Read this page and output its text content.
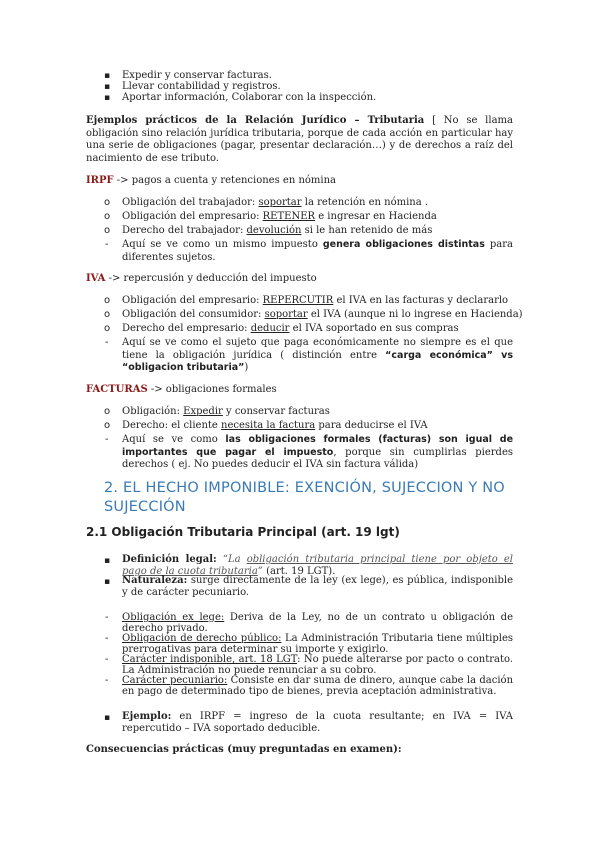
▪ Expedir y conservar facturas.
▪ Llevar contabilidad y registros.
▪ Aportar información, Colaborar con la inspección.
Ejemplos prácticos de la Relación Jurídico – Tributaria [ No se llama obligación sino relación jurídica tributaria, porque de cada acción en particular hay una serie de obligaciones (pagar, presentar declaración…) y de derechos a raíz del nacimiento de ese tributo.
IRPF -> pagos a cuenta y retenciones en nómina
o Obligación del trabajador: soportar la retención en nómina .
o Obligación del empresario: RETENER e ingresar en Hacienda
o Derecho del trabajador: devolución si le han retenido de más
- Aquí se ve como un mismo impuesto genera obligaciones distintas para diferentes sujetos.
IVA -> repercusión y deducción del impuesto
o Obligación del empresario: REPERCUTIR el IVA en las facturas y declararlo
o Obligación del consumidor: soportar el IVA (aunque ni lo ingrese en Hacienda)
o Derecho del empresario: deducir el IVA soportado en sus compras
- Aquí se ve como el sujeto que paga económicamente no siempre es el que tiene la obligación jurídica ( distinción entre “carga económica” vs “obligacion tributaria”)
FACTURAS -> obligaciones formales
o Obligación: Expedir y conservar facturas
o Derecho: el cliente necesita la factura para deducirse el IVA
- Aquí se ve como las obligaciones formales (facturas) son igual de importantes que pagar el impuesto, porque sin cumplirlas pierdes derechos ( ej. No puedes deducir el IVA sin factura válida)
2. EL HECHO IMPONIBLE: EXENCIÓN, SUJECCION Y NO
SUJECCIÓN
2.1 Obligación Tributaria Principal (art. 19 lgt)
▪ Definición legal: “La obligación tributaria principal tiene por objeto el pago de la cuota tributaria” (art. 19 LGT).
▪ Naturaleza: surge directamente de la ley (ex lege), es pública, indisponible y de carácter pecuniario.
- Obligación ex lege: Deriva de la Ley, no de un contrato u obligación de derecho privado.
- Obligación de derecho público: La Administración Tributaria tiene múltiples prerrogativas para determinar su importe y exigirlo.
- Carácter indisponible, art. 18 LGT: No puede alterarse por pacto o contrato. La Administración no puede renunciar a su cobro.
- Carácter pecuniario: Consiste en dar suma de dinero, aunque cabe la dación en pago de determinado tipo de bienes, previa aceptación administrativa.
▪ Ejemplo: en IRPF = ingreso de la cuota resultante; en IVA = IVA repercutido – IVA soportado deducible.
Consecuencias prácticas (muy preguntadas en examen):
